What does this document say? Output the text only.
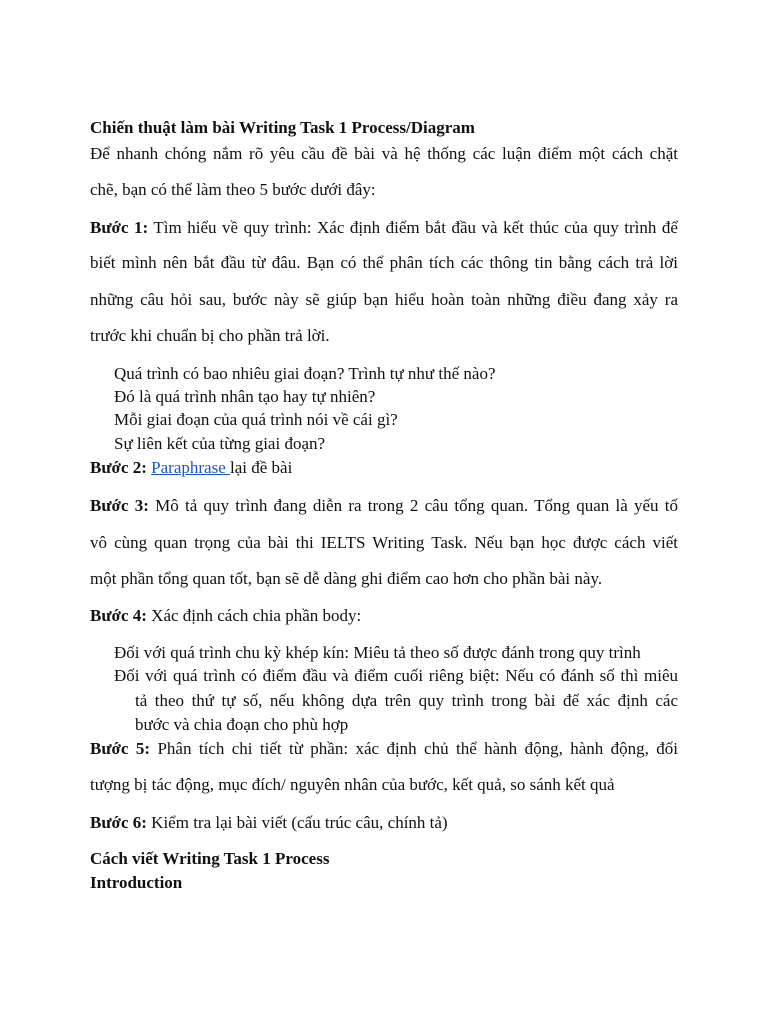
Chiến thuật làm bài Writing Task 1 Process/Diagram
Để nhanh chóng nắm rõ yêu cầu đề bài và hệ thống các luận điểm một cách chặt
chẽ, bạn có thể làm theo 5 bước dưới đây:
Bước 1: Tìm hiểu về quy trình: Xác định điểm bắt đầu và kết thúc của quy trình để
biết mình nên bắt đầu từ đâu. Bạn có thể phân tích các thông tin bằng cách trả lời
những câu hỏi sau, bước này sẽ giúp bạn hiểu hoàn toàn những điều đang xảy ra
trước khi chuẩn bị cho phần trả lời.
Quá trình có bao nhiêu giai đoạn? Trình tự như thế nào?
Đó là quá trình nhân tạo hay tự nhiên?
Mỗi giai đoạn của quá trình nói về cái gì?
Sự liên kết của từng giai đoạn?
Bước 2: Paraphrase lại đề bài
Bước 3: Mô tả quy trình đang diễn ra trong 2 câu tổng quan. Tổng quan là yếu tố
vô cùng quan trọng của bài thi IELTS Writing Task. Nếu bạn học được cách viết
một phần tổng quan tốt, bạn sẽ dễ dàng ghi điểm cao hơn cho phần bài này.
Bước 4: Xác định cách chia phần body:
Đối với quá trình chu kỳ khép kín: Miêu tả theo số được đánh trong quy trình
Đối với quá trình có điểm đầu và điểm cuối riêng biệt: Nếu có đánh số thì miêu
tả theo thứ tự số, nếu không dựa trên quy trình trong bài để xác định các
bước và chia đoạn cho phù hợp
Bước 5: Phân tích chi tiết từ phần: xác định chủ thể hành động, hành động, đối
tượng bị tác động, mục đích/ nguyên nhân của bước, kết quả, so sánh kết quả
Bước 6: Kiểm tra lại bài viết (cấu trúc câu, chính tả)
Cách viết Writing Task 1 Process
Introduction
